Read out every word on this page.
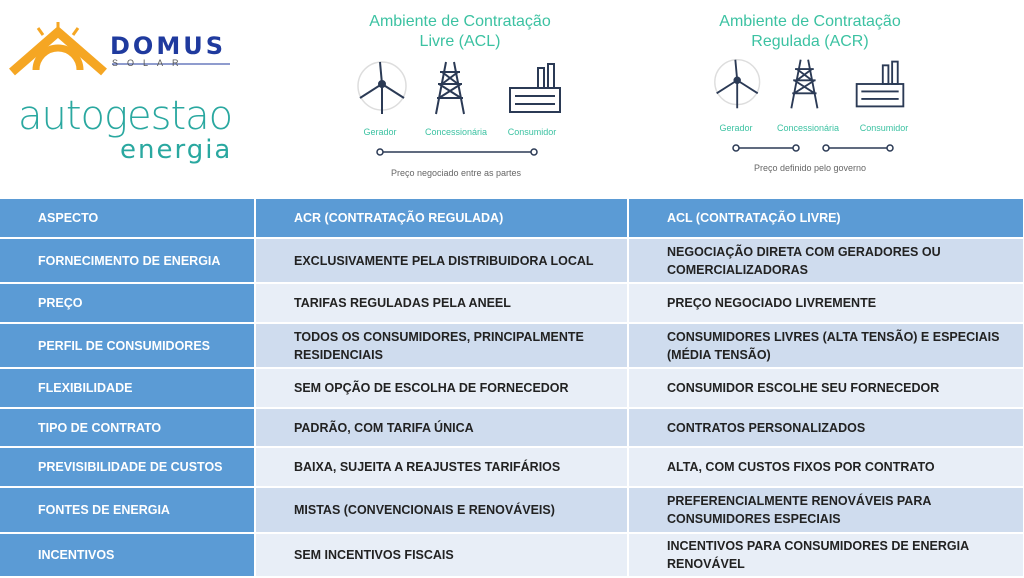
DOMUS
SOLAR
autogestao
energia
Ambiente de Contratação
Livre (ACL)
Gerador	Concessionária	Consumidor
Preço negociado entre as partes
Ambiente de Contratação
Regulada (ACR)
Gerador	Concessionária	Consumidor
Preço definido pelo governo
ASPECTO	ACR (CONTRATAÇÃO REGULADA)	ACL (CONTRATAÇÃO LIVRE)
FORNECIMENTO DE ENERGIA	EXCLUSIVAMENTE PELA DISTRIBUIDORA LOCAL	NEGOCIAÇÃO DIRETA COM GERADORES OU COMERCIALIZADORAS
PREÇO	TARIFAS REGULADAS PELA ANEEL	PREÇO NEGOCIADO LIVREMENTE
PERFIL DE CONSUMIDORES	TODOS OS CONSUMIDORES, PRINCIPALMENTE RESIDENCIAIS	CONSUMIDORES LIVRES (ALTA TENSÃO) E ESPECIAIS (MÉDIA TENSÃO)
FLEXIBILIDADE	SEM OPÇÃO DE ESCOLHA DE FORNECEDOR	CONSUMIDOR ESCOLHE SEU FORNECEDOR
TIPO DE CONTRATO	PADRÃO, COM TARIFA ÚNICA	CONTRATOS PERSONALIZADOS
PREVISIBILIDADE DE CUSTOS	BAIXA, SUJEITA A REAJUSTES TARIFÁRIOS	ALTA, COM CUSTOS FIXOS POR CONTRATO
FONTES DE ENERGIA	MISTAS (CONVENCIONAIS E RENOVÁVEIS)	PREFERENCIALMENTE RENOVÁVEIS PARA CONSUMIDORES ESPECIAIS
INCENTIVOS	SEM INCENTIVOS FISCAIS	INCENTIVOS PARA CONSUMIDORES DE ENERGIA RENOVÁVEL
